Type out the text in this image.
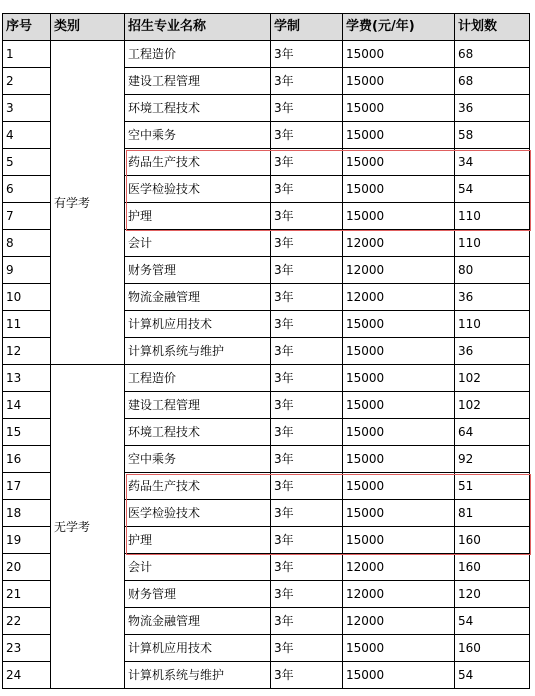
序号	类别	招生专业名称	学制	学费(元/年)	计划数
1	有学考	工程造价	3年	15000	68
2		建设工程管理	3年	15000	68
3		环境工程技术	3年	15000	36
4		空中乘务	3年	15000	58
5		药品生产技术	3年	15000	34
6		医学检验技术	3年	15000	54
7		护理	3年	15000	110
8		会计	3年	12000	110
9		财务管理	3年	12000	80
10		物流金融管理	3年	12000	36
11		计算机应用技术	3年	15000	110
12		计算机系统与维护	3年	15000	36
13	无学考	工程造价	3年	15000	102
14		建设工程管理	3年	15000	102
15		环境工程技术	3年	15000	64
16		空中乘务	3年	15000	92
17		药品生产技术	3年	15000	51
18		医学检验技术	3年	15000	81
19		护理	3年	15000	160
20		会计	3年	12000	160
21		财务管理	3年	12000	120
22		物流金融管理	3年	12000	54
23		计算机应用技术	3年	15000	160
24		计算机系统与维护	3年	15000	54
